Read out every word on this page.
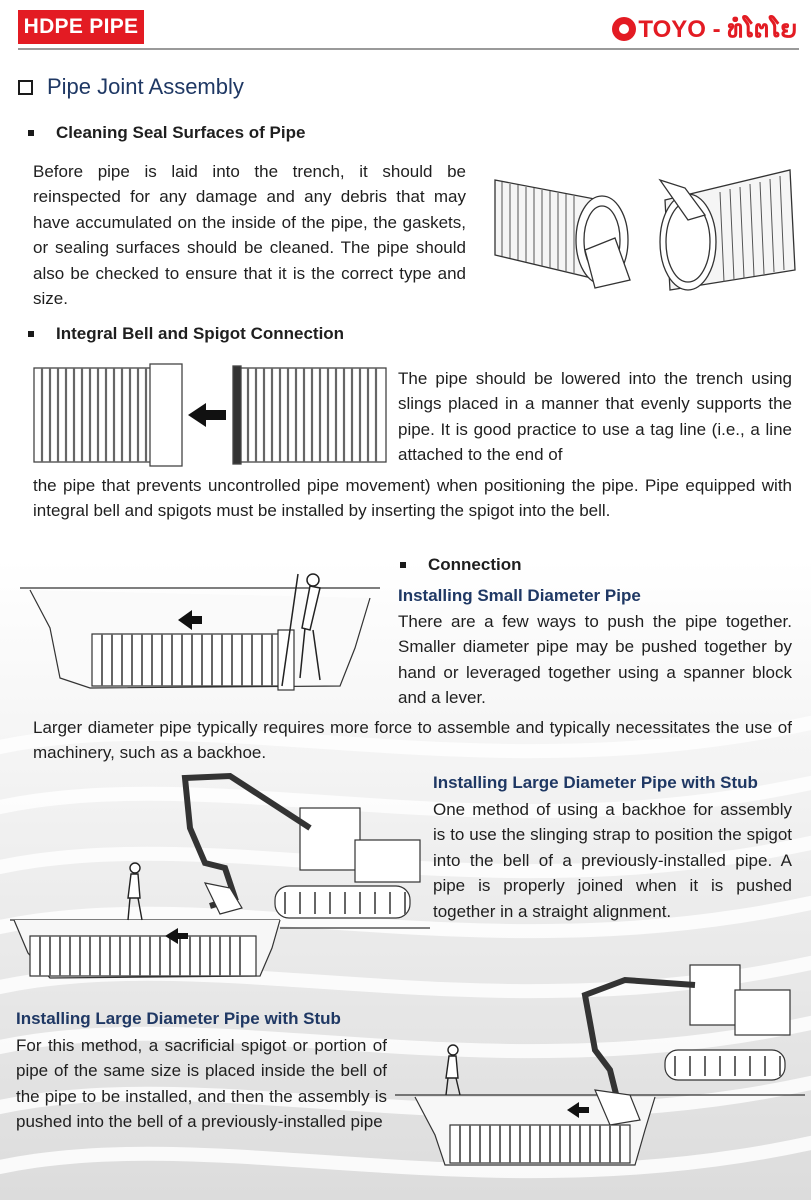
HDPE PIPE	TOYO - ທໍ່ໂຕໂຍ
Pipe Joint Assembly
Cleaning Seal Surfaces of Pipe
Before pipe is laid into the trench, it should be reinspected for any damage and any debris that may have accumulated on the inside of the pipe, the gaskets, or sealing surfaces should be cleaned. The pipe should also be checked to ensure that it is the correct type and size.
Integral Bell and Spigot Connection
The pipe should be lowered into the trench using slings placed in a manner that evenly supports the pipe. It is good practice to use a tag line (i.e., a line attached to the end of
the pipe that prevents uncontrolled pipe movement) when positioning the pipe. Pipe equipped with integral bell and spigots must be installed by inserting the spigot into the bell.
Connection
Installing Small Diameter Pipe
There are a few ways to push the pipe together. Smaller diameter pipe may be pushed together by hand or leveraged together using a spanner block and a lever.
Larger diameter pipe typically requires more force to assemble and typically necessitates the use of machinery, such as a backhoe.
Installing Large Diameter Pipe with Stub
One method of using a backhoe for assembly is to use the slinging strap to position the spigot into the bell of a previously-installed pipe. A pipe is properly joined when it is pushed together in a straight alignment.
Installing Large Diameter Pipe with Stub
For this method, a sacrificial spigot or portion of pipe of the same size is placed inside the bell of the pipe to be installed, and then the assembly is pushed into the bell of a previously-installed pipe
